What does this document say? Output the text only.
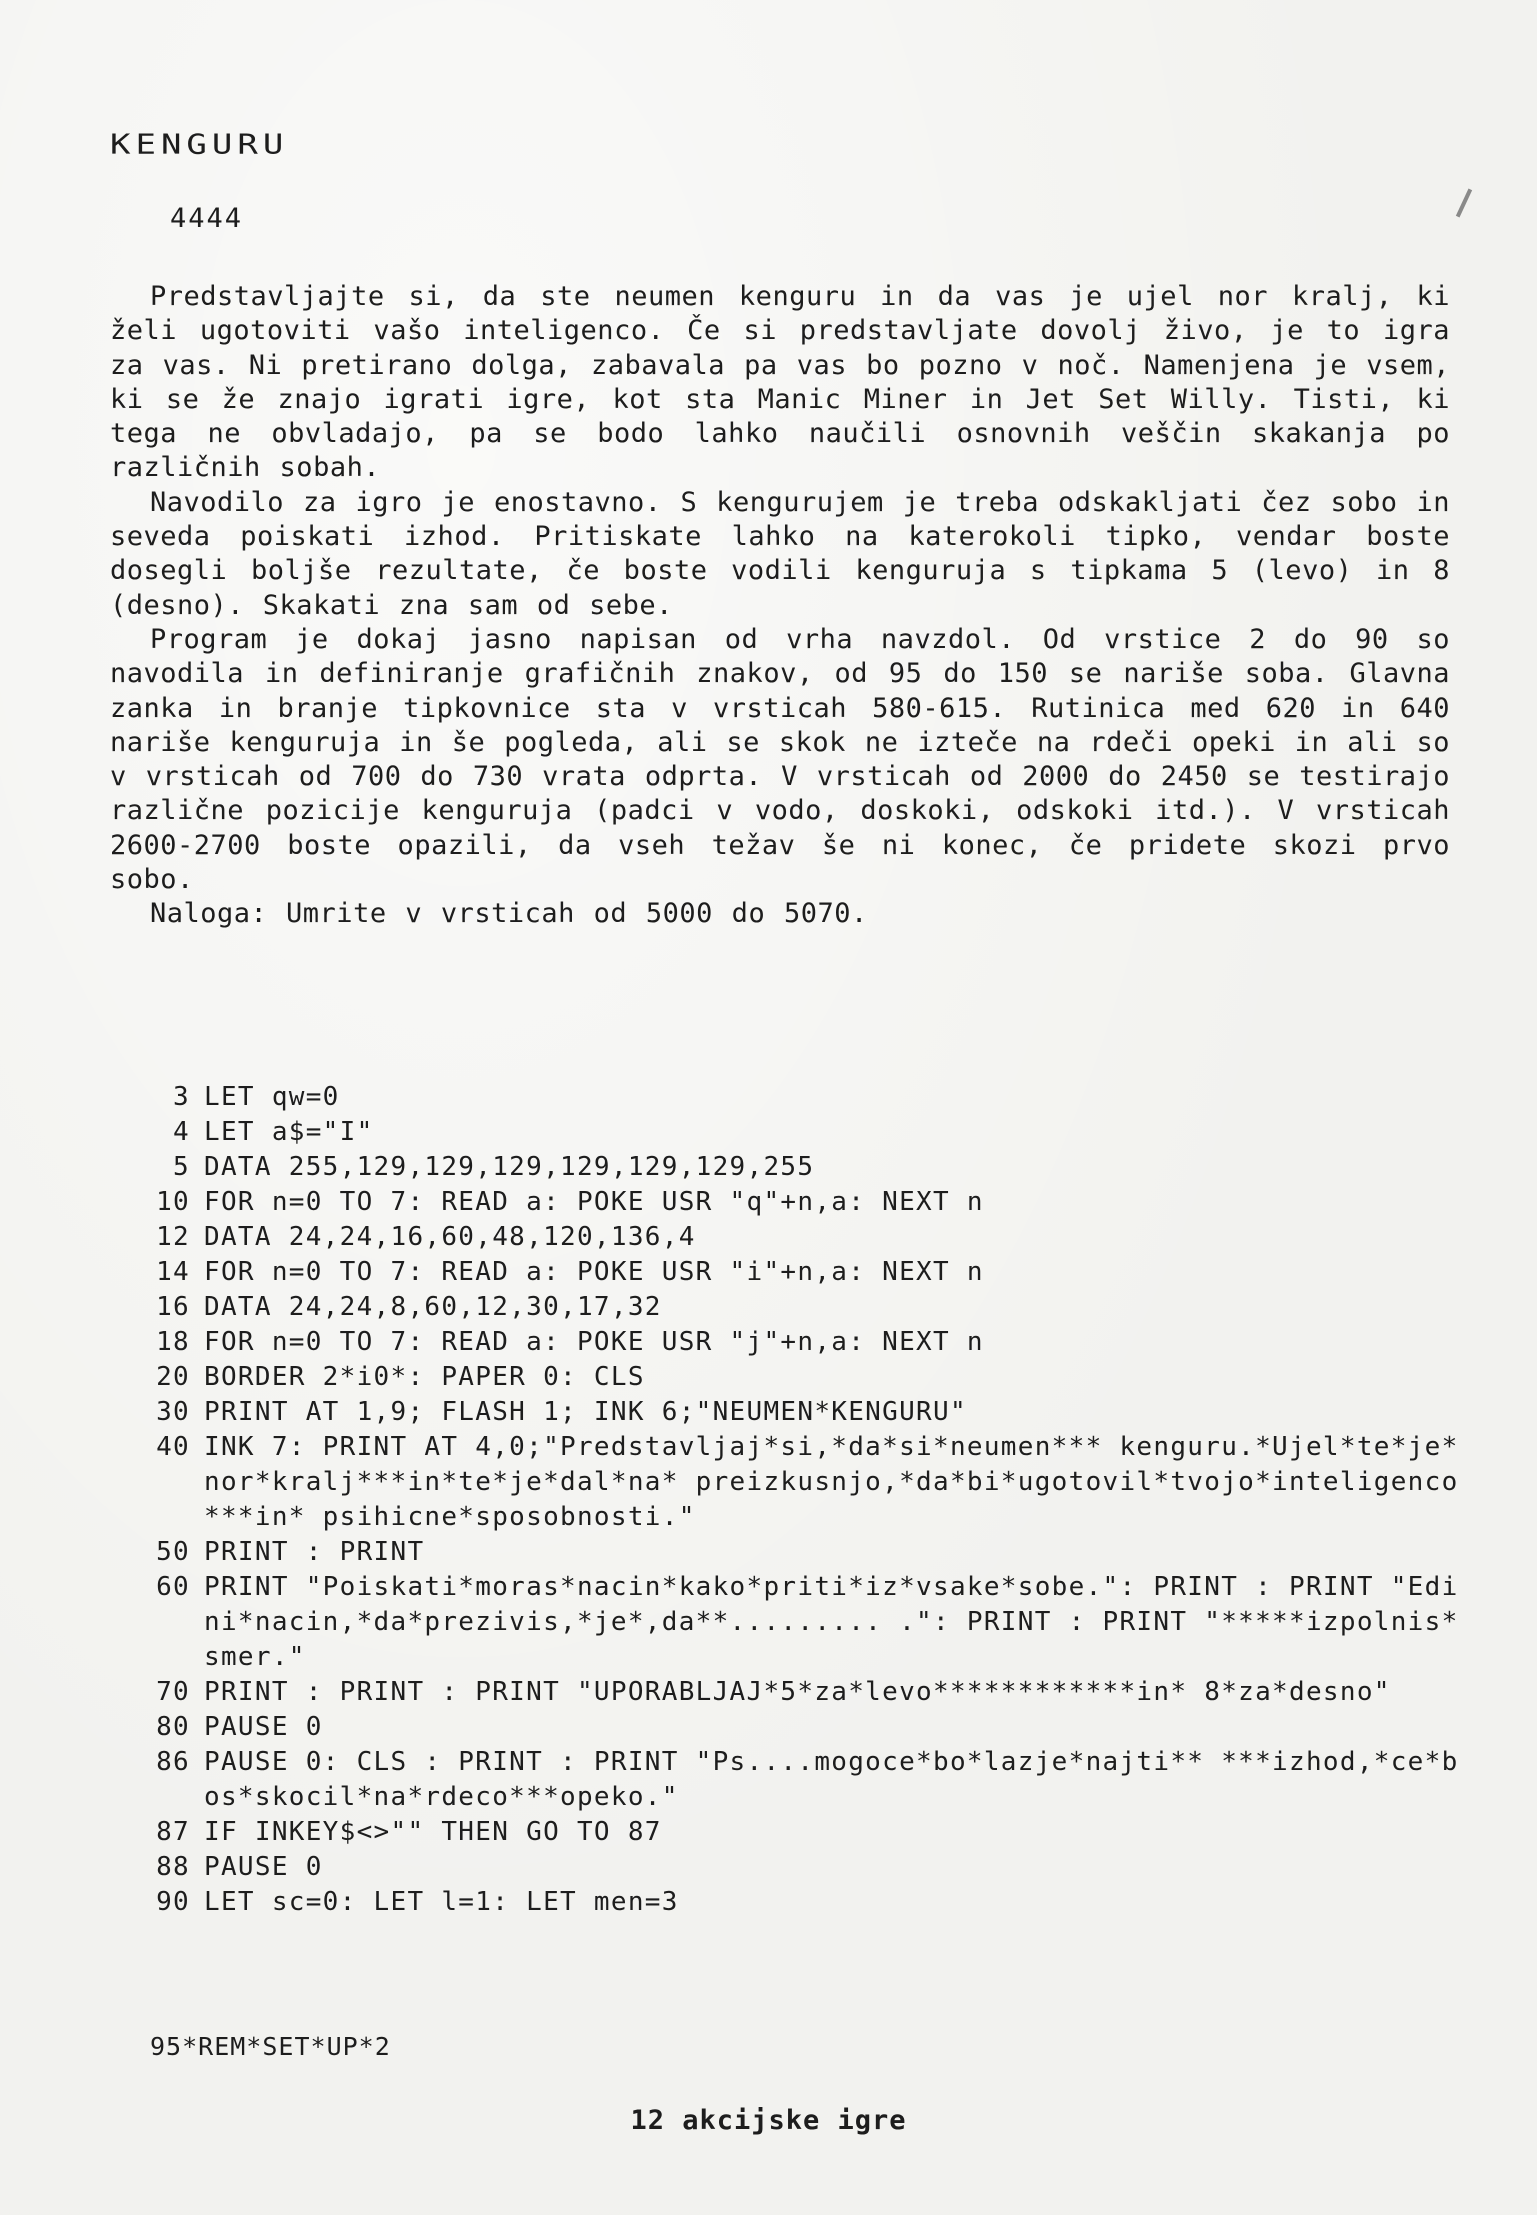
KENGURU
4444

Predstavljajte si, da ste neumen kenguru in da vas je ujel nor kralj, ki želi ugotoviti vašo inteligenco. Če si predstavljate dovolj živo, je to igra za vas. Ni pretirano dolga, zabavala pa vas bo pozno v noč. Namenjena je vsem, ki se že znajo igrati igre, kot sta Manic Miner in Jet Set Willy. Tisti, ki tega ne obvladajo, pa se bodo lahko naučili osnovnih veščin skakanja po različnih sobah.

Navodilo za igro je enostavno. S kengurujem je treba odskakljati čez sobo in seveda poiskati izhod. Pritiskate lahko na katerokoli tipko, vendar boste dosegli boljše rezultate, če boste vodili kenguruja s tipkama 5 (levo) in 8 (desno). Skakati zna sam od sebe.

Program je dokaj jasno napisan od vrha navzdol. Od vrstice 2 do 90 so navodila in definiranje grafičnih znakov, od 95 do 150 se nariše soba. Glavna zanka in branje tipkovnice sta v vrsticah 580-615. Rutinica med 620 in 640 nariše kenguruja in še pogleda, ali se skok ne izteče na rdeči opeki in ali so v vrsticah od 700 do 730 vrata odprta. V vrsticah od 2000 do 2450 se testirajo različne pozicije kenguruja (padci v vodo, doskoki, odskoki itd.). V vrsticah 2600-2700 boste opazili, da vseh težav še ni konec, če pridete skozi prvo sobo.

Naloga: Umrite v vrsticah od 5000 do 5070.

3 LET qw=0
4 LET a$="I"
5 DATA 255,129,129,129,129,129,129,255
10 FOR n=0 TO 7: READ a: POKE USR "q"+n,a: NEXT n
12 DATA 24,24,16,60,48,120,136,4
14 FOR n=0 TO 7: READ a: POKE USR "i"+n,a: NEXT n
16 DATA 24,24,8,60,12,30,17,32
18 FOR n=0 TO 7: READ a: POKE USR "j"+n,a: NEXT n
20 BORDER 2*i0*: PAPER 0: CLS
30 PRINT AT 1,9; FLASH 1; INK 6;"NEUMEN*KENGURU"
40 INK 7: PRINT AT 4,0;"Predstavljaj*si,*da*si*neumen*** kenguru.*Ujel*te*je*nor*kralj***in*te*je*dal*na* preizkusnjo,*da*bi*ugotovil*tvojo*inteligenco***in* psihicne*sposobnosti."
50 PRINT : PRINT
60 PRINT "Poiskati*moras*nacin*kako*priti*iz*vsake*sobe.": PRINT : PRINT "Edini*nacin,*da*prezivis,*je*,da**......... .": PRINT : PRINT "*****izpolnis*smer."
70 PRINT : PRINT : PRINT "UPORABLJAJ*5*za*levo************in* 8*za*desno"
80 PAUSE 0
86 PAUSE 0: CLS : PRINT : PRINT "Ps....mogoce*bo*lazje*najti** ***izhod,*ce*bos*skocil*na*rdeco***opeko."
87 IF INKEY$<>"" THEN GO TO 87
88 PAUSE 0
90 LET sc=0: LET l=1: LET men=3
95*REM*SET*UP*2
12 akcijske igre
